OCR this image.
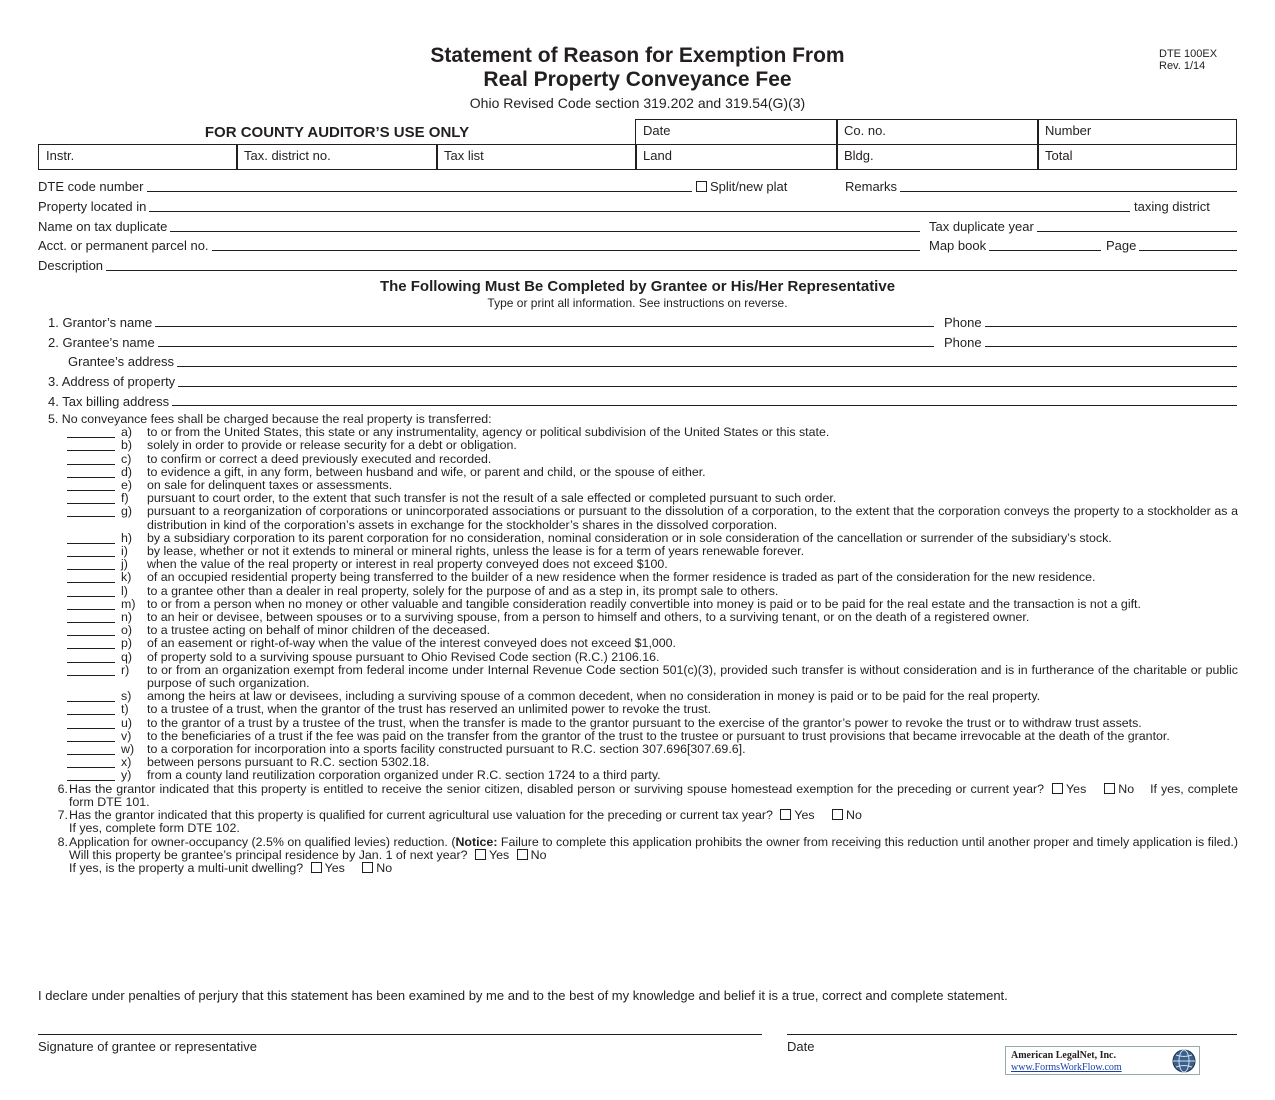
Statement of Reason for Exemption From
Real Property Conveyance Fee
Ohio Revised Code section 319.202 and 319.54(G)(3)
DTE 100EX
Rev. 1/14
FOR COUNTY AUDITOR’S USE ONLY	Date	Co. no.	Number
Instr.	Tax. district no.	Tax list	Land	Bldg.	Total
DTE code number	Split/new plat	Remarks
Property located in	taxing district
Name on tax duplicate	Tax duplicate year
Acct. or permanent parcel no.	Map book	Page
Description
The Following Must Be Completed by Grantee or His/Her Representative
Type or print all information. See instructions on reverse.
1. Grantor’s name	Phone
2. Grantee’s name	Phone
Grantee’s address
3. Address of property
4. Tax billing address
5. No conveyance fees shall be charged because the real property is transferred:
a)	to or from the United States, this state or any instrumentality, agency or political subdivision of the United States or this state.
b)	solely in order to provide or release security for a debt or obligation.
c)	to confirm or correct a deed previously executed and recorded.
d)	to evidence a gift, in any form, between husband and wife, or parent and child, or the spouse of either.
e)	on sale for delinquent taxes or assessments.
f)	pursuant to court order, to the extent that such transfer is not the result of a sale effected or completed pursuant to such order.
g)	pursuant to a reorganization of corporations or unincorporated associations or pursuant to the dissolution of a corporation, to the extent that the corporation conveys the property to a stockholder as a distribution in kind of the corporation’s assets in exchange for the stockholder’s shares in the dissolved corporation.
h)	by a subsidiary corporation to its parent corporation for no consideration, nominal consideration or in sole consideration of the cancellation or surrender of the subsidiary’s stock.
i)	by lease, whether or not it extends to mineral or mineral rights, unless the lease is for a term of years renewable forever.
j)	when the value of the real property or interest in real property conveyed does not exceed $100.
k)	of an occupied residential property being transferred to the builder of a new residence when the former residence is traded as part of the consideration for the new residence.
l)	to a grantee other than a dealer in real property, solely for the purpose of and as a step in, its prompt sale to others.
m) to or from a person when no money or other valuable and tangible consideration readily convertible into money is paid or to be paid for the real estate and the transaction is not a gift.
n)	to an heir or devisee, between spouses or to a surviving spouse, from a person to himself and others, to a surviving tenant, or on the death of a registered owner.
o)	to a trustee acting on behalf of minor children of the deceased.
p)	of an easement or right-of-way when the value of the interest conveyed does not exceed $1,000.
q)	of property sold to a surviving spouse pursuant to Ohio Revised Code section (R.C.) 2106.16.
r)	to or from an organization exempt from federal income under Internal Revenue Code section 501(c)(3), provided such transfer is without consideration and is in furtherance of the charitable or public purpose of such organization.
s)	among the heirs at law or devisees, including a surviving spouse of a common decedent, when no consideration in money is paid or to be paid for the real property.
t)	to a trustee of a trust, when the grantor of the trust has reserved an unlimited power to revoke the trust.
u)	to the grantor of a trust by a trustee of the trust, when the transfer is made to the grantor pursuant to the exercise of the grantor’s power to revoke the trust or to withdraw trust assets.
v)	to the beneficiaries of a trust if the fee was paid on the transfer from the grantor of the trust to the trustee or pursuant to trust provisions that became irrevocable at the death of the grantor.
w)	to a corporation for incorporation into a sports facility constructed pursuant to R.C. section 307.696[307.69.6].
x)	between persons pursuant to R.C. section 5302.18.
y)	from a county land reutilization corporation organized under R.C. section 1724 to a third party.
6. Has the grantor indicated that this property is entitled to receive the senior citizen, disabled person or surviving spouse homestead exemption for the preceding or current year? Yes	No If yes, complete form DTE 101.
7. Has the grantor indicated that this property is qualified for current agricultural use valuation for the preceding or current tax year? Yes	No
If yes, complete form DTE 102.
8. Application for owner-occupancy (2.5% on qualified levies) reduction. (Notice: Failure to complete this application prohibits the owner from receiving this reduction until another proper and timely application is filed.) Will this property be grantee’s principal residence by Jan. 1 of next year? Yes No
If yes, is the property a multi-unit dwelling? Yes	No
I declare under penalties of perjury that this statement has been examined by me and to the best of my knowledge and belief it is a true, correct and complete statement.
Signature of grantee or representative	Date
American LegalNet, Inc.
www.FormsWorkFlow.com
